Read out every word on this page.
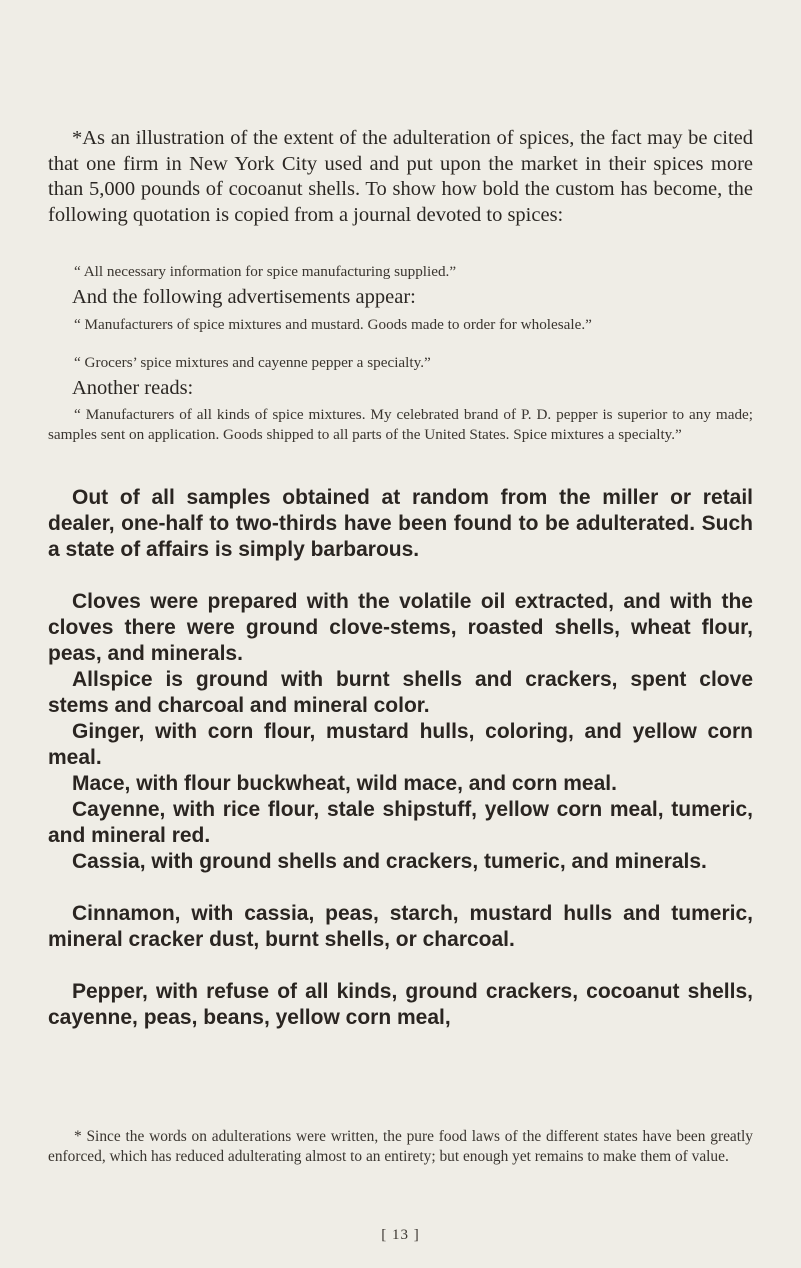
*As an illustration of the extent of the adulteration of spices, the fact may be cited that one firm in New York City used and put upon the market in their spices more than 5,000 pounds of cocoanut shells. To show how bold the custom has become, the following quotation is copied from a journal devoted to spices:

“ All necessary information for spice manufacturing supplied.”

And the following advertisements appear:

“ Manufacturers of spice mixtures and mustard. Goods made to order for wholesale.”

“ Grocers’ spice mixtures and cayenne pepper a specialty.”

Another reads:

“ Manufacturers of all kinds of spice mixtures. My celebrated brand of P. D. pepper is superior to any made; samples sent on application. Goods shipped to all parts of the United States. Spice mixtures a specialty.”

Out of all samples obtained at random from the miller or retail dealer, one-half to two-thirds have been found to be adulterated. Such a state of affairs is simply barbarous.

Cloves were prepared with the volatile oil extracted, and with the cloves there were ground clove-stems, roasted shells, wheat flour, peas, and minerals.

Allspice is ground with burnt shells and crackers, spent clove stems and charcoal and mineral color.

Ginger, with corn flour, mustard hulls, coloring, and yellow corn meal.

Mace, with flour buckwheat, wild mace, and corn meal.

Cayenne, with rice flour, stale shipstuff, yellow corn meal, tumeric, and mineral red.

Cassia, with ground shells and crackers, tumeric, and minerals.

Cinnamon, with cassia, peas, starch, mustard hulls and tumeric, mineral cracker dust, burnt shells, or charcoal.

Pepper, with refuse of all kinds, ground crackers, cocoanut shells, cayenne, peas, beans, yellow corn meal,

* Since the words on adulterations were written, the pure food laws of the different states have been greatly enforced, which has reduced adulterating almost to an entirety; but enough yet remains to make them of value.

[ 13 ]
